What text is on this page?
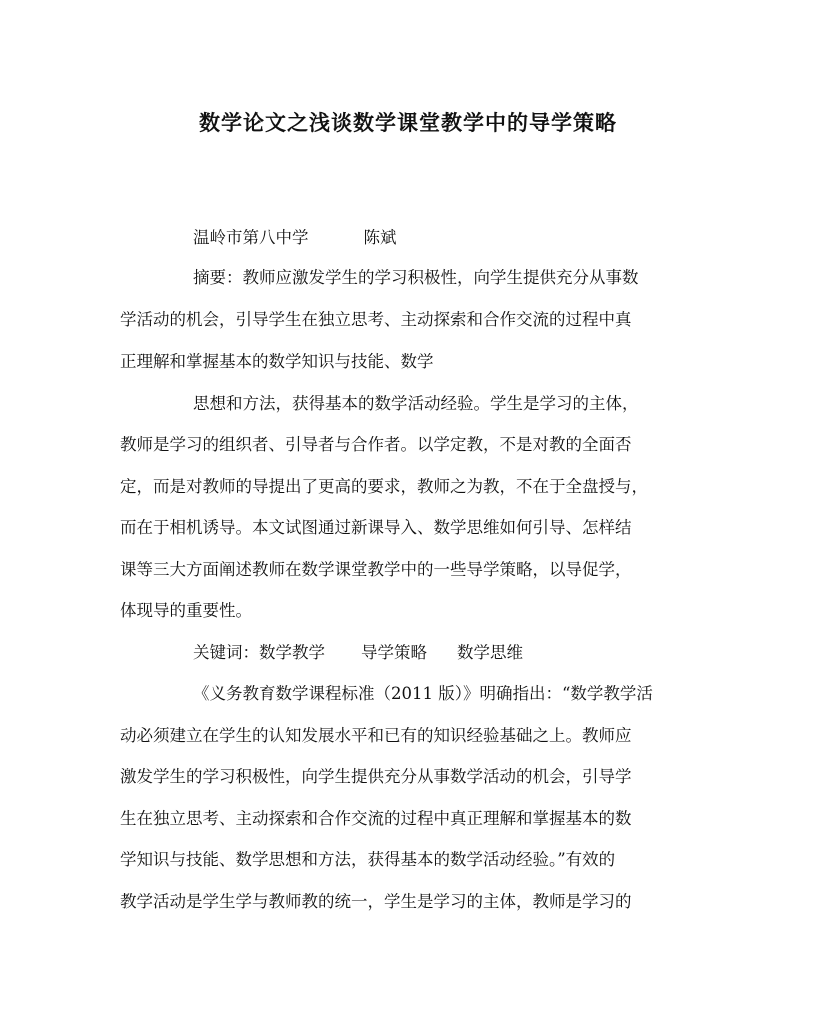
数学论文之浅谈数学课堂教学中的导学策略
温岭市第八中学	陈斌
摘要：教师应激发学生的学习积极性，向学生提供充分从事数
学活动的机会，引导学生在独立思考、主动探索和合作交流的过程中真
正理解和掌握基本的数学知识与技能、数学
思想和方法，获得基本的数学活动经验。学生是学习的主体，
教师是学习的组织者、引导者与合作者。以学定教，不是对教的全面否
定，而是对教师的导提出了更高的要求，教师之为教，不在于全盘授与，
而在于相机诱导。本文试图通过新课导入、数学思维如何引导、怎样结
课等三大方面阐述教师在数学课堂教学中的一些导学策略，以导促学，
体现导的重要性。
关键词：数学教学 导学策略 数学思维
《义务教育数学课程标准（2011 版）》明确指出：“数学教学活
动必须建立在学生的认知发展水平和已有的知识经验基础之上。教师应
激发学生的学习积极性，向学生提供充分从事数学活动的机会，引导学
生在独立思考、主动探索和合作交流的过程中真正理解和掌握基本的数
学知识与技能、数学思想和方法，获得基本的数学活动经验。”有效的
教学活动是学生学与教师教的统一，学生是学习的主体，教师是学习的
